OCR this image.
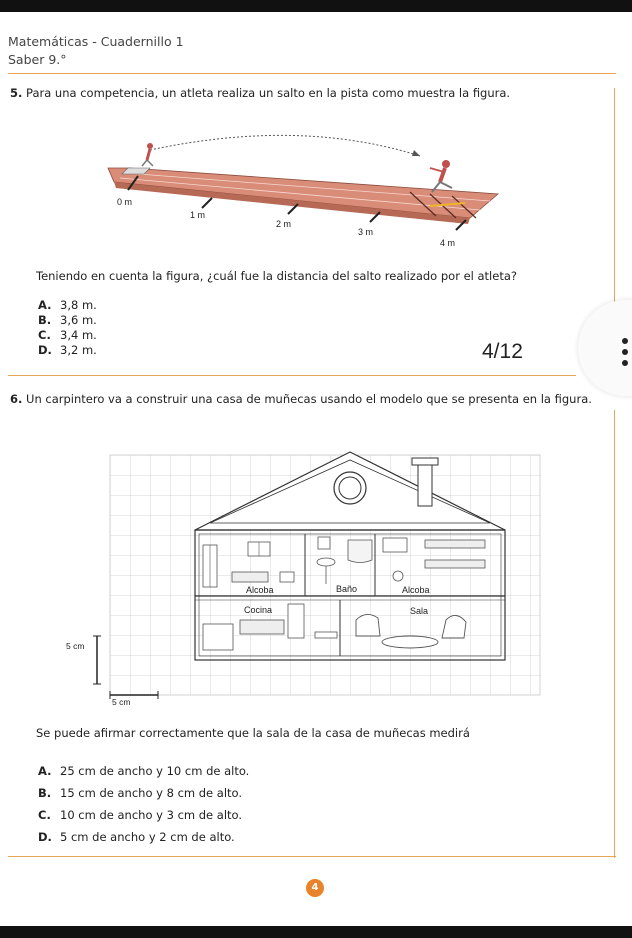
Matemáticas - Cuadernillo 1
Saber 9.°
5. Para una competencia, un atleta realiza un salto en la pista como muestra la figura.
0 m
1 m
2 m
3 m
4 m
Teniendo en cuenta la figura, ¿cuál fue la distancia del salto realizado por el atleta?
A. 3,8 m.
B. 3,6 m.
C. 3,4 m.
D. 3,2 m.	4/12
6. Un carpintero va a construir una casa de muñecas usando el modelo que se presenta en la figura.
Alcoba	Baño	Alcoba
Cocina	Sala
5 cm
5 cm
Se puede afirmar correctamente que la sala de la casa de muñecas medirá
A. 25 cm de ancho y 10 cm de alto.
B. 15 cm de ancho y 8 cm de alto.
C. 10 cm de ancho y 3 cm de alto.
D. 5 cm de ancho y 2 cm de alto.
4
